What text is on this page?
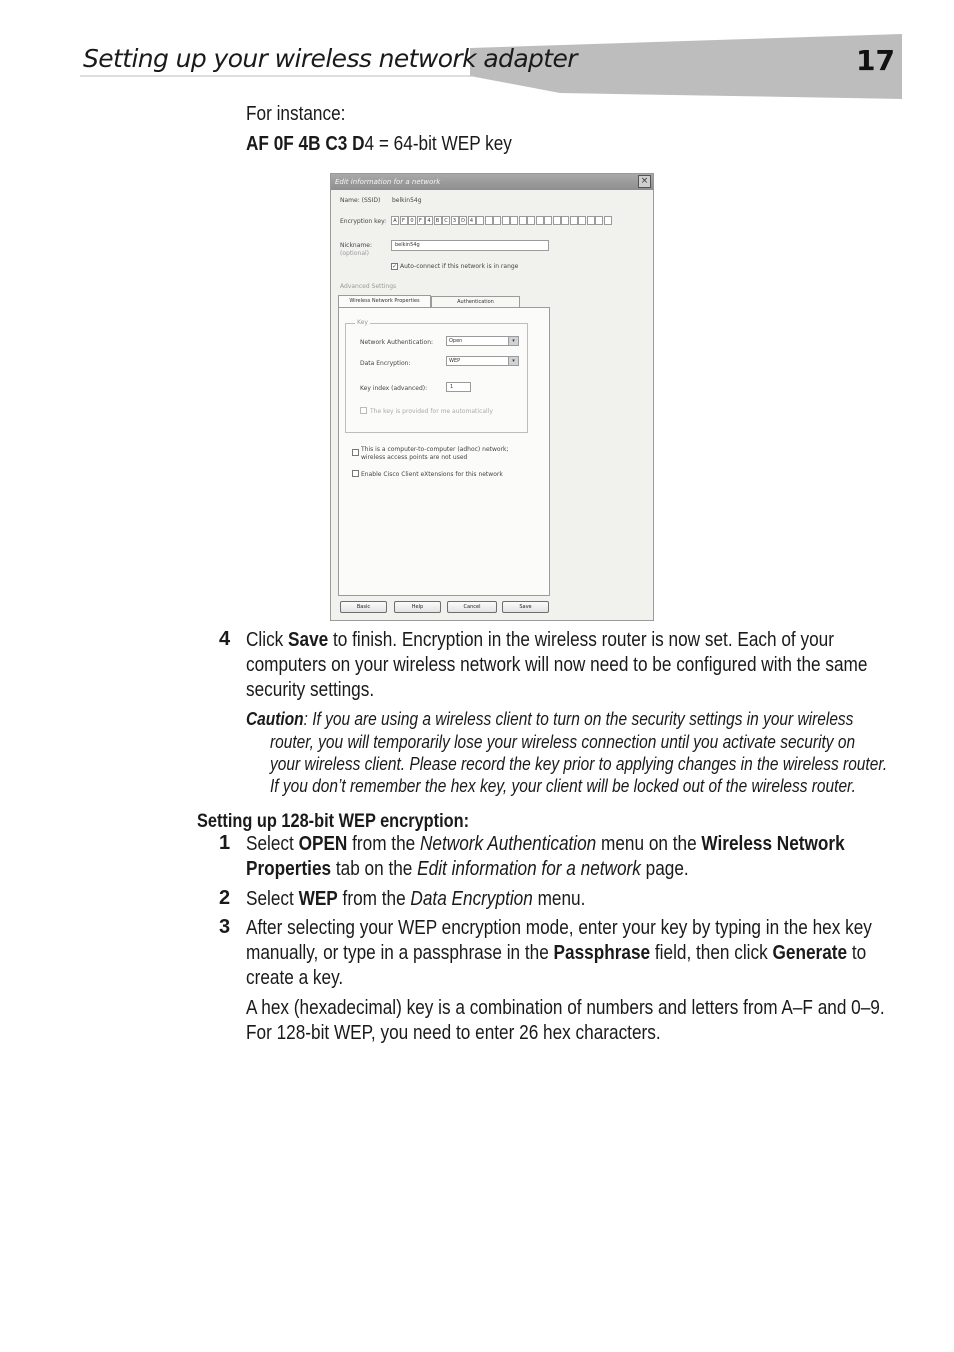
Setting up your wireless network adapter	17
For instance:
AF 0F 4B C3 D4 = 64-bit WEP key
Edit information for a network	×
Name: (SSID) belkin54g
Encryption key:	A	F	0	F	4	B	C	3 D 4
Nickname:
(optional)
belkin54g
✓ Auto-connect if this network is in range
Advanced Settings
Wireless Network Properties	Authentication
Key
Network Authentication:	Open	▾
Data Encryption:	WEP	▾
Key index (advanced):	1
The key is provided for me automatically
This is a computer-to-computer (adhoc) network;
wireless access points are not used
Enable Cisco Client eXtensions for this network
Basic	Help	Cancel	Save
4 Click Save to finish. Encryption in the wireless router is now set. Each of your
computers on your wireless network will now need to be configured with the same
security settings.
Caution: If you are using a wireless client to turn on the security settings in your wireless
router, you will temporarily lose your wireless connection until you activate security on
your wireless client. Please record the key prior to applying changes in the wireless router.
If you don’t remember the hex key, your client will be locked out of the wireless router.
Setting up 128-bit WEP encryption:
1 Select OPEN from the Network Authentication menu on the Wireless Network
Properties tab on the Edit information for a network page.
2 Select WEP from the Data Encryption menu.
3 After selecting your WEP encryption mode, enter your key by typing in the hex key
manually, or type in a passphrase in the Passphrase field, then click Generate to
create a key.
A hex (hexadecimal) key is a combination of numbers and letters from A–F and 0–9.
For 128-bit WEP, you need to enter 26 hex characters.
